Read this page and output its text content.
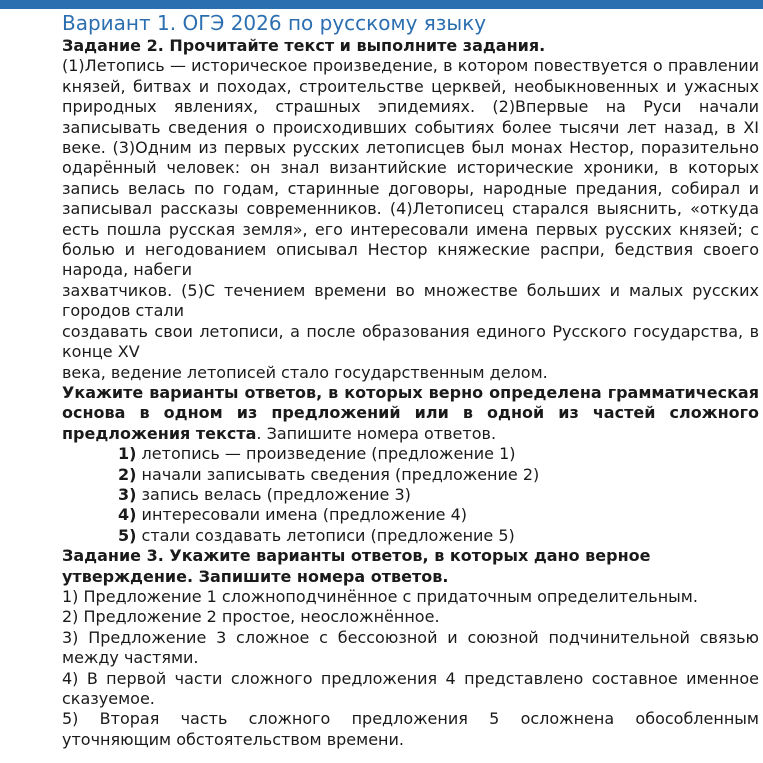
Вариант 1. ОГЭ 2026 по русскому языку

Задание 2. Прочитайте текст и выполните задания.

(1)Летопись — историческое произведение, в котором повествуется о правлении князей, битвах и походах, строительстве церквей, необыкновенных и ужасных природных явлениях, страшных эпидемиях. (2)Впервые на Руси начали записывать сведения о происходивших событиях более тысячи лет назад, в XI веке. (3)Одним из первых русских летописцев был монах Нестор, поразительно одарённый человек: он знал византийские исторические хроники, в которых запись велась по годам, старинные договоры, народные предания, собирал и записывал рассказы современников. (4)Летописец старался выяснить, «откуда есть пошла русская земля», его интересовали имена первых русских князей; с болью и негодованием описывал Нестор княжеские распри, бедствия своего народа, набеги

захватчиков. (5)С течением времени во множестве больших и малых русских городов стали

создавать свои летописи, а после образования единого Русского государства, в конце XV

века, ведение летописей стало государственным делом.

Укажите варианты ответов, в которых верно определена грамматическая основа в одном из предложений или в одной из частей сложного предложения текста. Запишите номера ответов.

1) летопись — произведение (предложение 1)
2) начали записывать сведения (предложение 2)
3) запись велась (предложение 3)
4) интересовали имена (предложение 4)
5) стали создавать летописи (предложение 5)

Задание 3. Укажите варианты ответов, в которых дано верное утверждение. Запишите номера ответов.

1) Предложение 1 сложноподчинённое с придаточным определительным.

2) Предложение 2 простое, неосложнённое.

3) Предложение 3 сложное с бессоюзной и союзной подчинительной связью между частями.

4) В первой части сложного предложения 4 представлено составное именное сказуемое.

5) Вторая часть сложного предложения 5 осложнена обособленным уточняющим обстоятельством времени.
